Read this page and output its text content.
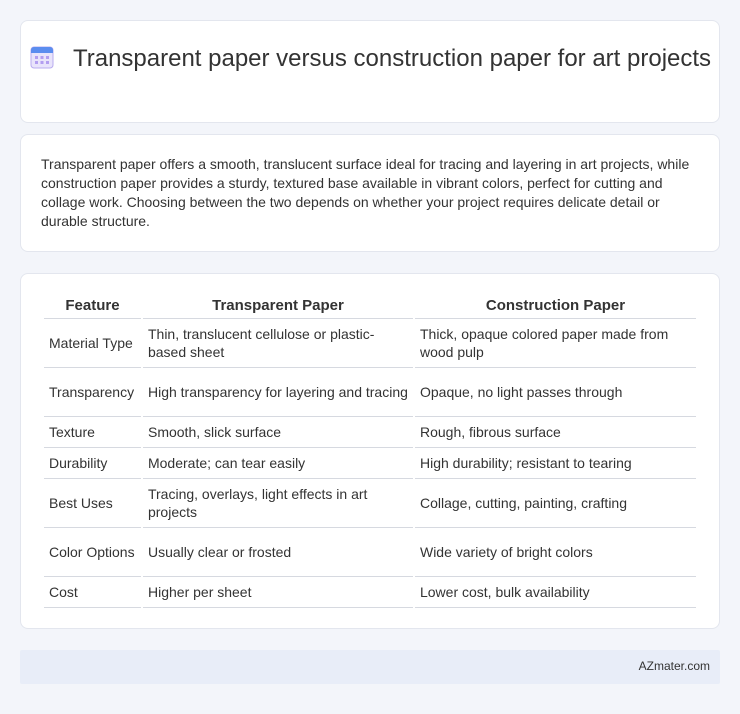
Transparent paper versus construction paper for art projects

Transparent paper offers a smooth, translucent surface ideal for tracing and layering in art projects, while construction paper provides a sturdy, textured base available in vibrant colors, perfect for cutting and collage work. Choosing between the two depends on whether your project requires delicate detail or durable structure.

Feature	Transparent Paper	Construction Paper
Material Type	Thin, translucent cellulose or plastic-based sheet	Thick, opaque colored paper made from wood pulp
Transparency	High transparency for layering and tracing	Opaque, no light passes through
Texture	Smooth, slick surface	Rough, fibrous surface
Durability	Moderate; can tear easily	High durability; resistant to tearing
Best Uses	Tracing, overlays, light effects in art projects	Collage, cutting, painting, crafting
Color Options	Usually clear or frosted	Wide variety of bright colors
Cost	Higher per sheet	Lower cost, bulk availability
AZmater.com
